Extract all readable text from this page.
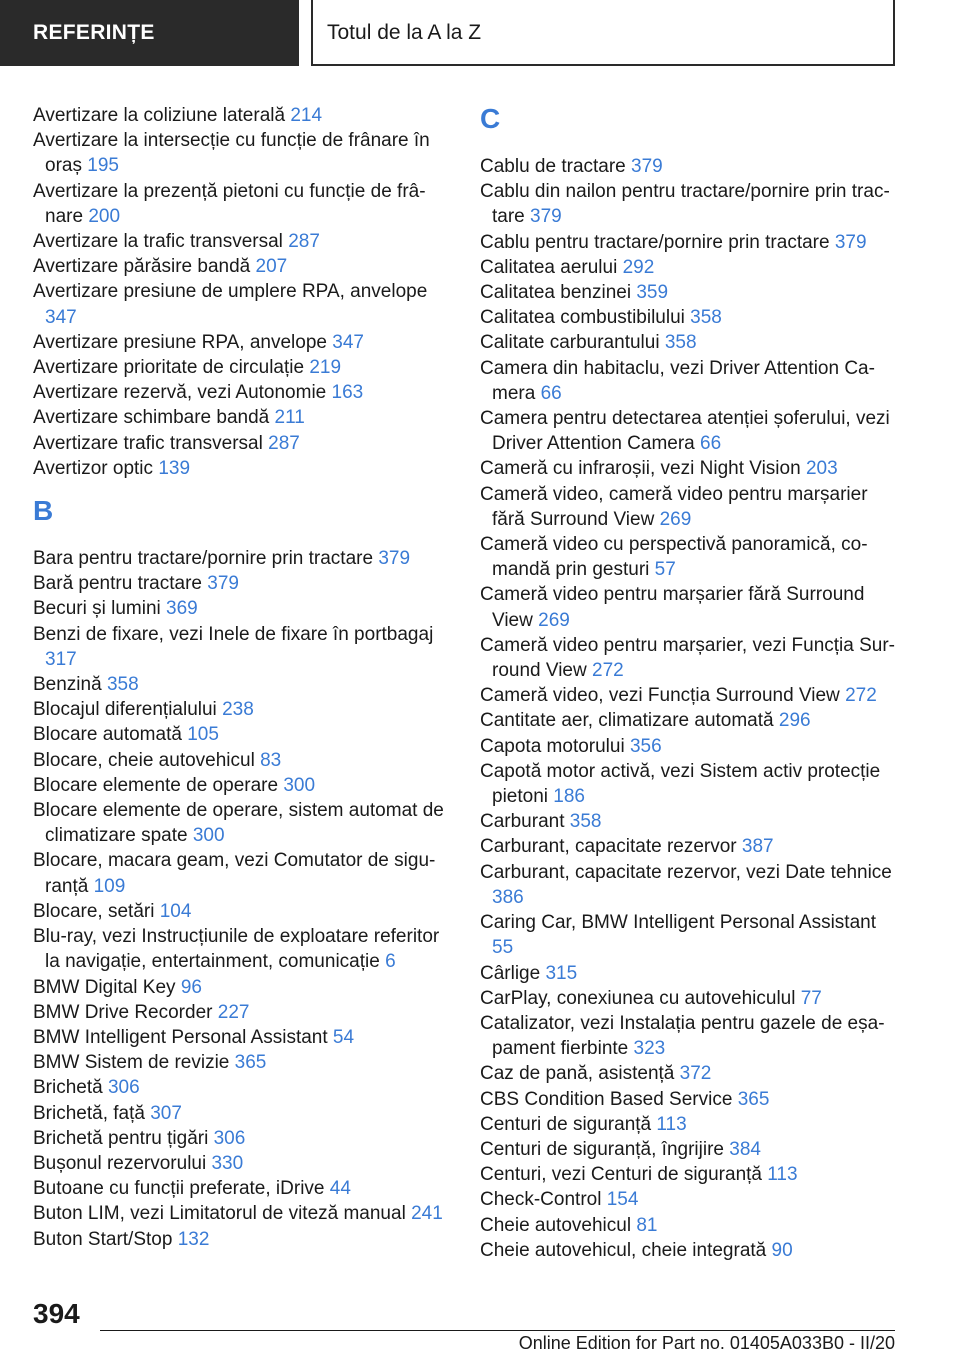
REFERINȚE	Totul de la A la Z
Avertizare la coliziune laterală 214
Avertizare la intersecție cu funcție de frânare în oraș 195
Avertizare la prezență pietoni cu funcție de frânare 200
Avertizare la trafic transversal 287
Avertizare părăsire bandă 207
Avertizare presiune de umplere RPA, anvelope 347
Avertizare presiune RPA, anvelope 347
Avertizare prioritate de circulație 219
Avertizare rezervă, vezi Autonomie 163
Avertizare schimbare bandă 211
Avertizare trafic transversal 287
Avertizor optic 139
B
Bara pentru tractare/pornire prin tractare 379
Bară pentru tractare 379
Becuri și lumini 369
Benzi de fixare, vezi Inele de fixare în portbagaj 317
Benzină 358
Blocajul diferențialului 238
Blocare automată 105
Blocare, cheie autovehicul 83
Blocare elemente de operare 300
Blocare elemente de operare, sistem automat de climatizare spate 300
Blocare, macara geam, vezi Comutator de siguranță 109
Blocare, setări 104
Blu-ray, vezi Instrucțiunile de exploatare referitor la navigație, entertainment, comunicație 6
BMW Digital Key 96
BMW Drive Recorder 227
BMW Intelligent Personal Assistant 54
BMW Sistem de revizie 365
Brichetă 306
Brichetă, față 307
Brichetă pentru țigări 306
Bușonul rezervorului 330
Butoane cu funcții preferate, iDrive 44
Buton LIM, vezi Limitatorul de viteză manual 241
Buton Start/Stop 132
C
Cablu de tractare 379
Cablu din nailon pentru tractare/pornire prin tractare 379
Cablu pentru tractare/pornire prin tractare 379
Calitatea aerului 292
Calitatea benzinei 359
Calitatea combustibilului 358
Calitate carburantului 358
Camera din habitaclu, vezi Driver Attention Camera 66
Camera pentru detectarea atenției șoferului, vezi Driver Attention Camera 66
Cameră cu infraroșii, vezi Night Vision 203
Cameră video, cameră video pentru marșarier fără Surround View 269
Cameră video cu perspectivă panoramică, comandă prin gesturi 57
Cameră video pentru marșarier fără Surround View 269
Cameră video pentru marșarier, vezi Funcția Surround View 272
Cameră video, vezi Funcția Surround View 272
Cantitate aer, climatizare automată 296
Capota motorului 356
Capotă motor activă, vezi Sistem activ protecție pietoni 186
Carburant 358
Carburant, capacitate rezervor 387
Carburant, capacitate rezervor, vezi Date tehnice 386
Caring Car, BMW Intelligent Personal Assistant 55
Cârlige 315
CarPlay, conexiunea cu autovehiculul 77
Catalizator, vezi Instalația pentru gazele de eșapament fierbinte 323
Caz de pană, asistență 372
CBS Condition Based Service 365
Centuri de siguranță 113
Centuri de siguranță, îngrijire 384
Centuri, vezi Centuri de siguranță 113
Check-Control 154
Cheie autovehicul 81
Cheie autovehicul, cheie integrată 90
394
Online Edition for Part no. 01405A033B0 - II/20
